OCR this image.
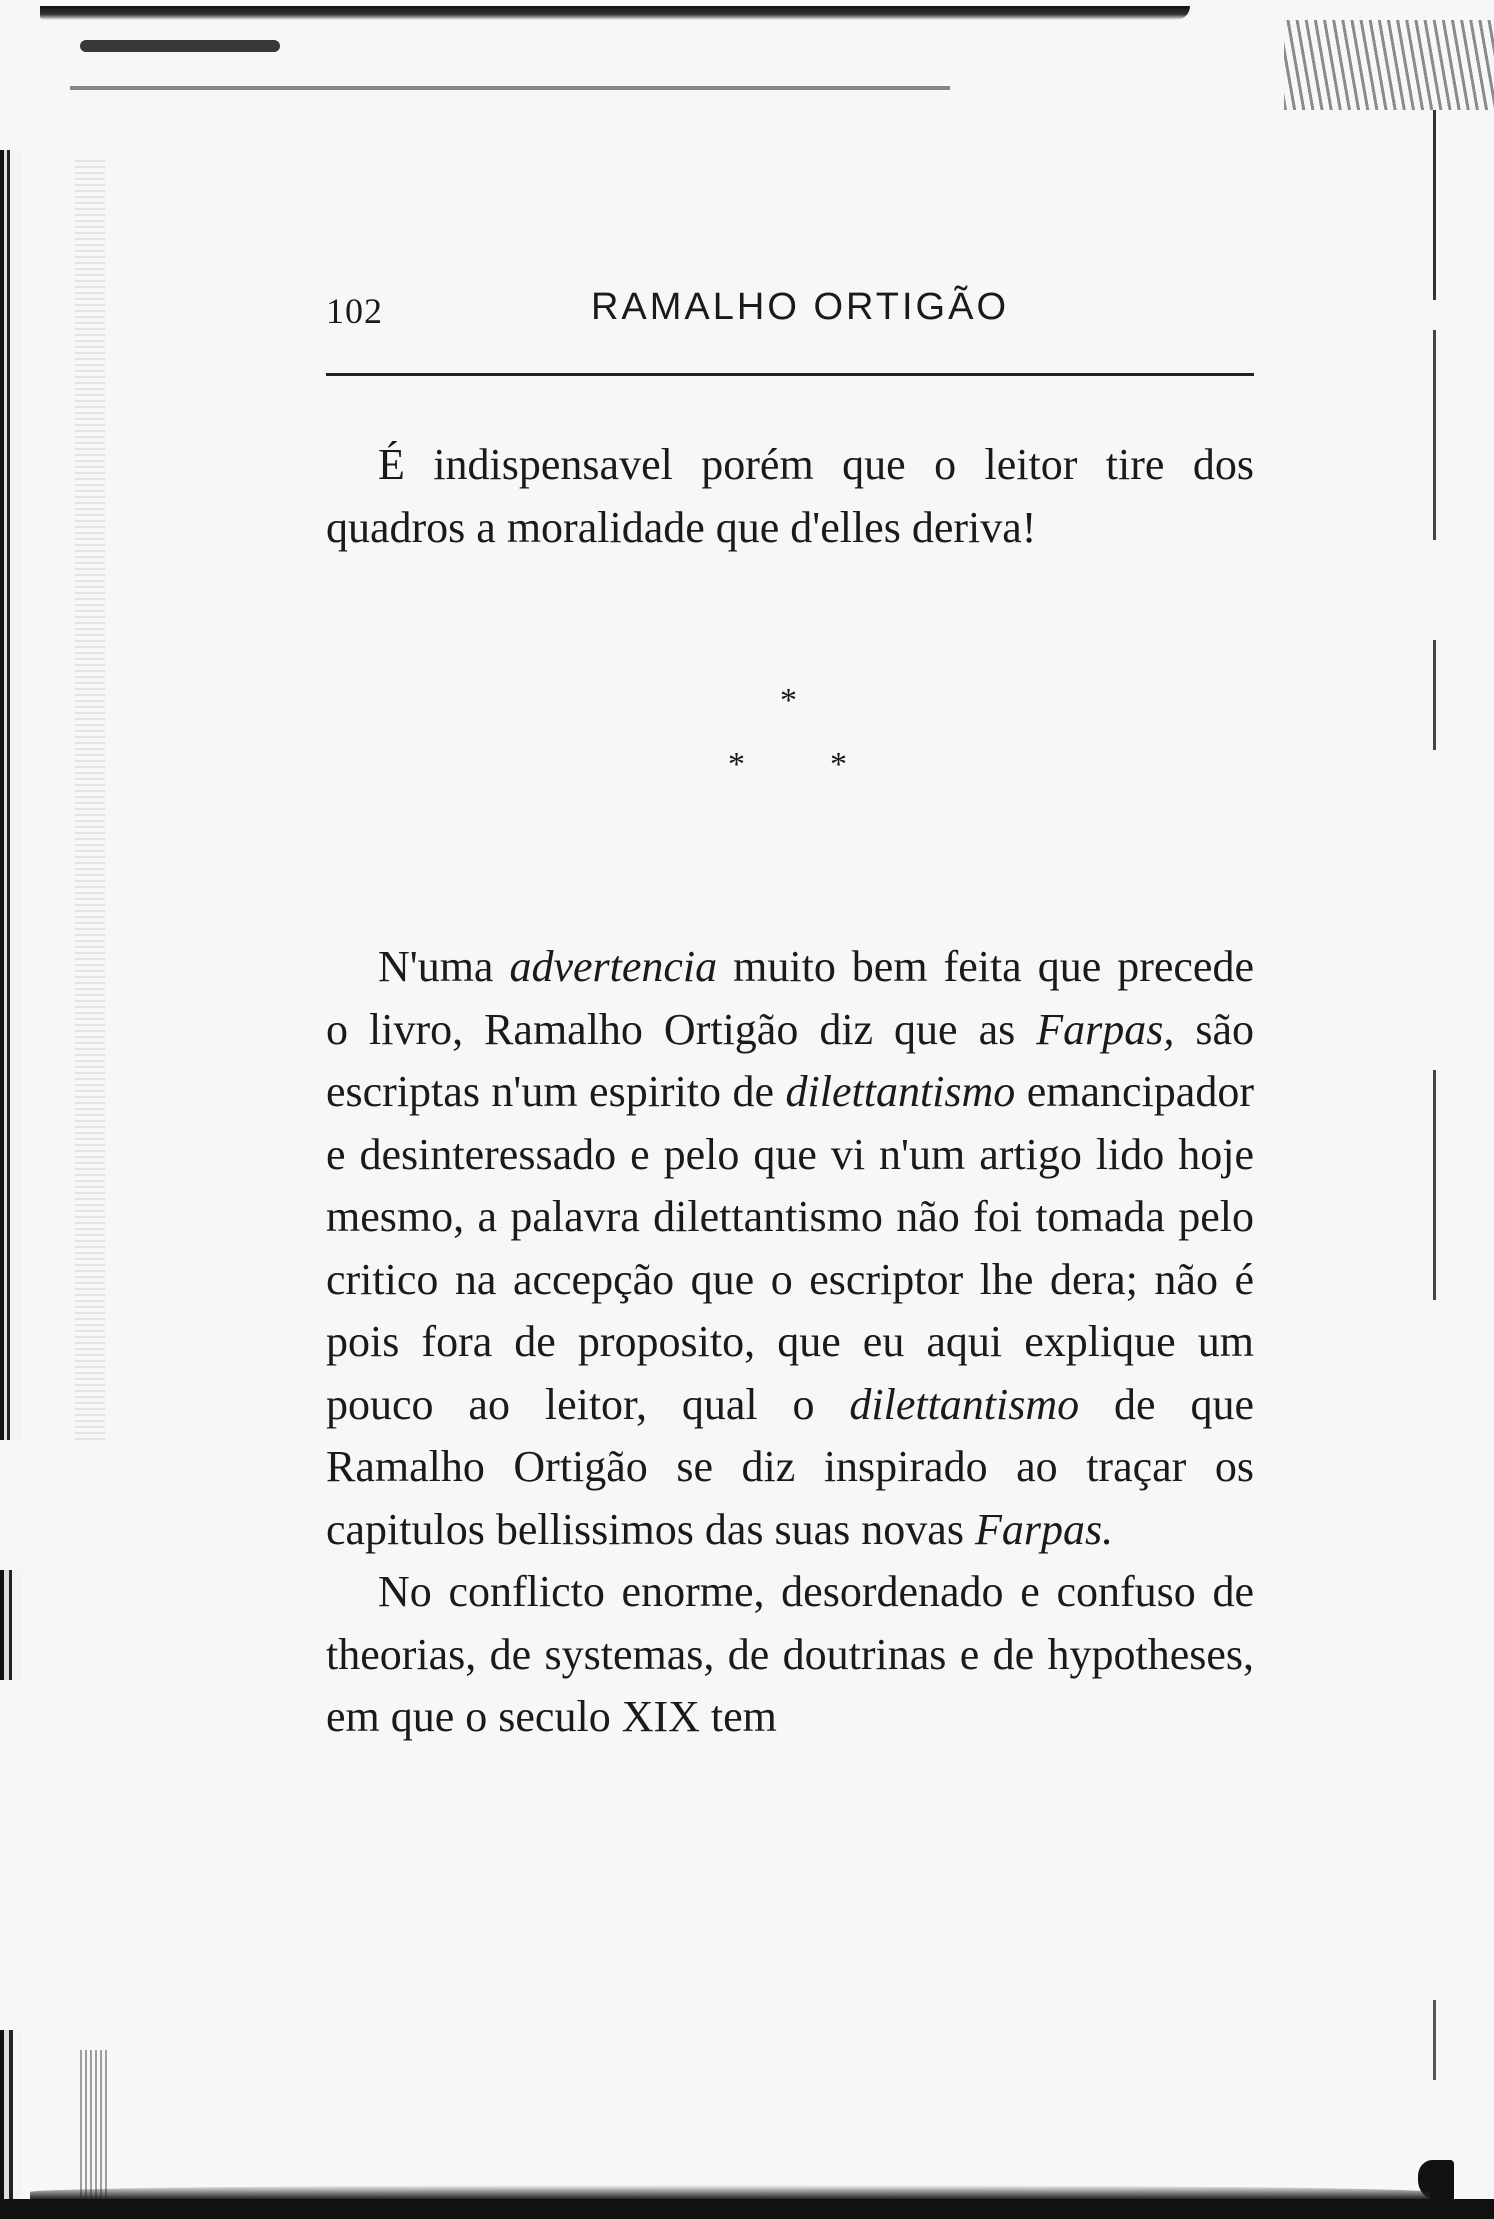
102	RAMALHO ORTIGÃO

É indispensavel porém que o leitor tire dos quadros a moralidade que d'elles deriva!

*
*	*

N'uma advertencia muito bem feita que precede o livro, Ramalho Ortigão diz que as Farpas, são escriptas n'um espirito de dilettantismo emancipador e desinteressado e pelo que vi n'um artigo lido hoje mesmo, a palavra dilettantismo não foi tomada pelo critico na accepção que o escriptor lhe dera; não é pois fora de proposito, que eu aqui explique um pouco ao leitor, qual o dilettantismo de que Ramalho Ortigão se diz inspirado ao traçar os capitulos bellissimos das suas novas Farpas.

No conflicto enorme, desordenado e confuso de theorias, de systemas, de doutrinas e de hypotheses, em que o seculo XIX tem
